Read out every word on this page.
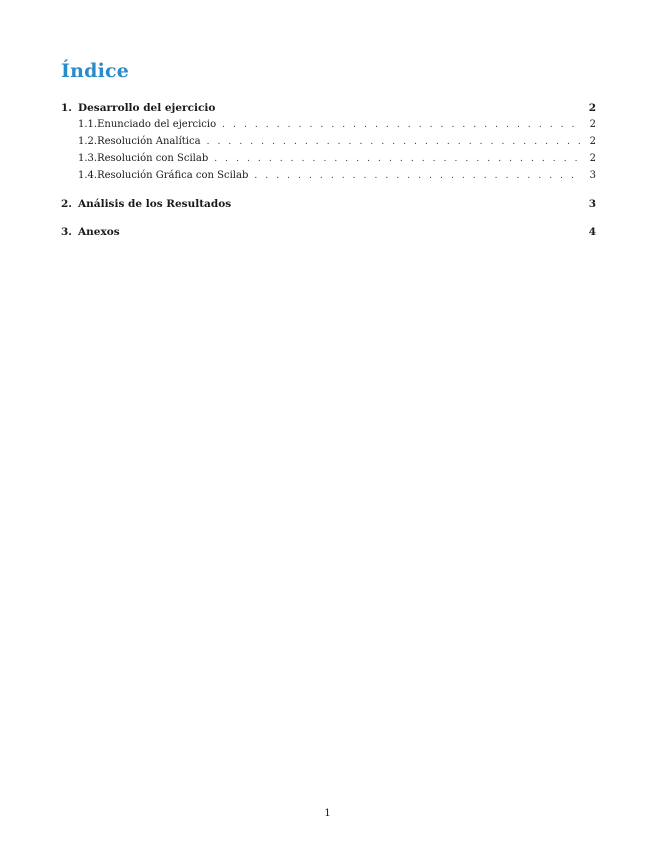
Índice
1. Desarrollo del ejercicio	2
1.1. Enunciado del ejercicio . . .	2
1.2. Resolución Analítica . . .	2
1.3. Resolución con Scilab . . .	2
1.4. Resolución Gráfica con Scilab . . .	3
2. Análisis de los Resultados	3
3. Anexos	4
1
